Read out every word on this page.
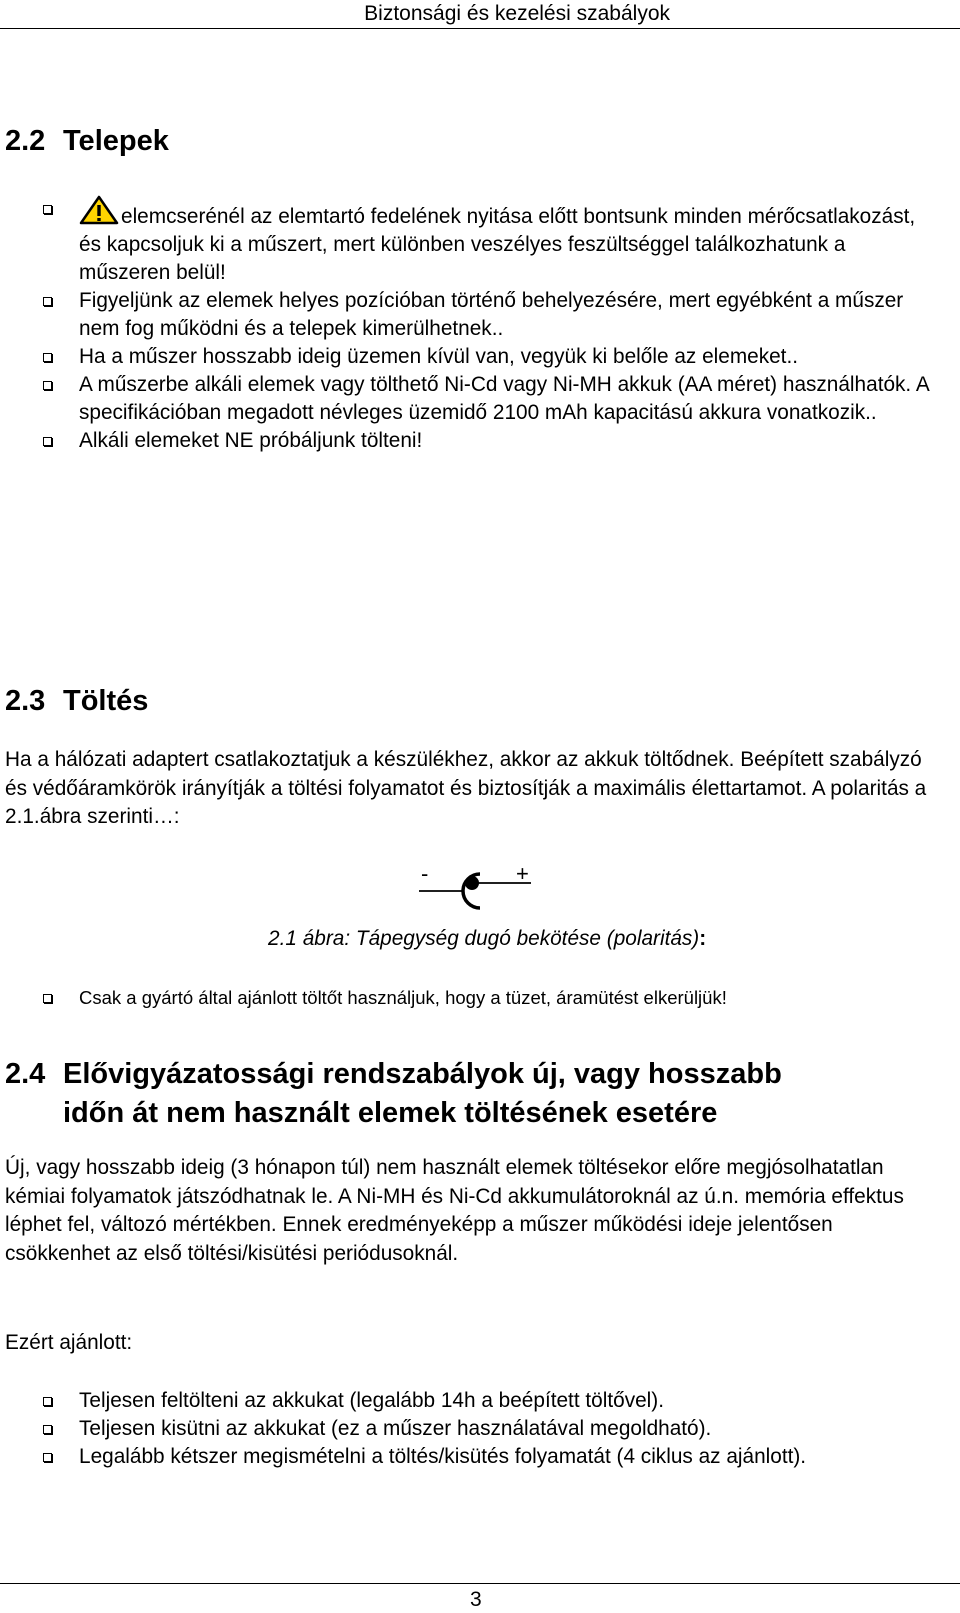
Biztonsági és kezelési szabályok
2.2 Telepek
elemcserénél az elemtartó fedelének nyitása előtt bontsunk minden mérőcsatlakozást, és kapcsoljuk ki a műszert, mert különben veszélyes feszültséggel találkozhatunk a műszeren belül!
Figyeljünk az elemek helyes pozícióban történő behelyezésére, mert egyébként a műszer nem fog működni és a telepek kimerülhetnek..
Ha a műszer hosszabb ideig üzemen kívül van, vegyük ki belőle az elemeket..
A műszerbe alkáli elemek vagy tölthető Ni-Cd vagy Ni-MH akkuk (AA méret) használhatók. A specifikációban megadott névleges üzemidő 2100 mAh kapacitású akkura vonatkozik..
Alkáli elemeket NE próbáljunk tölteni!
2.3 Töltés

Ha a hálózati adaptert csatlakoztatjuk a készülékhez, akkor az akkuk töltődnek. Beépített szabályzó és védőáramkörök irányítják a töltési folyamatot és biztosítják a maximális élettartamot. A polaritás a 2.1.ábra szerinti…:

-	+
2.1 ábra: Tápegység dugó bekötése (polaritás):
Csak a gyártó által ajánlott töltőt használjuk, hogy a tüzet, áramütést elkerüljük!
2.4 Elővigyázatossági rendszabályok új, vagy hosszabb
időn át nem használt elemek töltésének esetére

Új, vagy hosszabb ideig (3 hónapon túl) nem használt elemek töltésekor előre megjósolhatatlan kémiai folyamatok játszódhatnak le. A Ni-MH és Ni-Cd akkumulátoroknál az ú.n. memória effektus léphet fel, változó mértékben. Ennek eredményeképp a műszer működési ideje jelentősen csökkenhet az első töltési/kisütési periódusoknál.

Ezért ajánlott:

Teljesen feltölteni az akkukat (legalább 14h a beépített töltővel).
Teljesen kisütni az akkukat (ez a műszer használatával megoldható).
Legalább kétszer megismételni a töltés/kisütés folyamatát (4 ciklus az ajánlott).
3
